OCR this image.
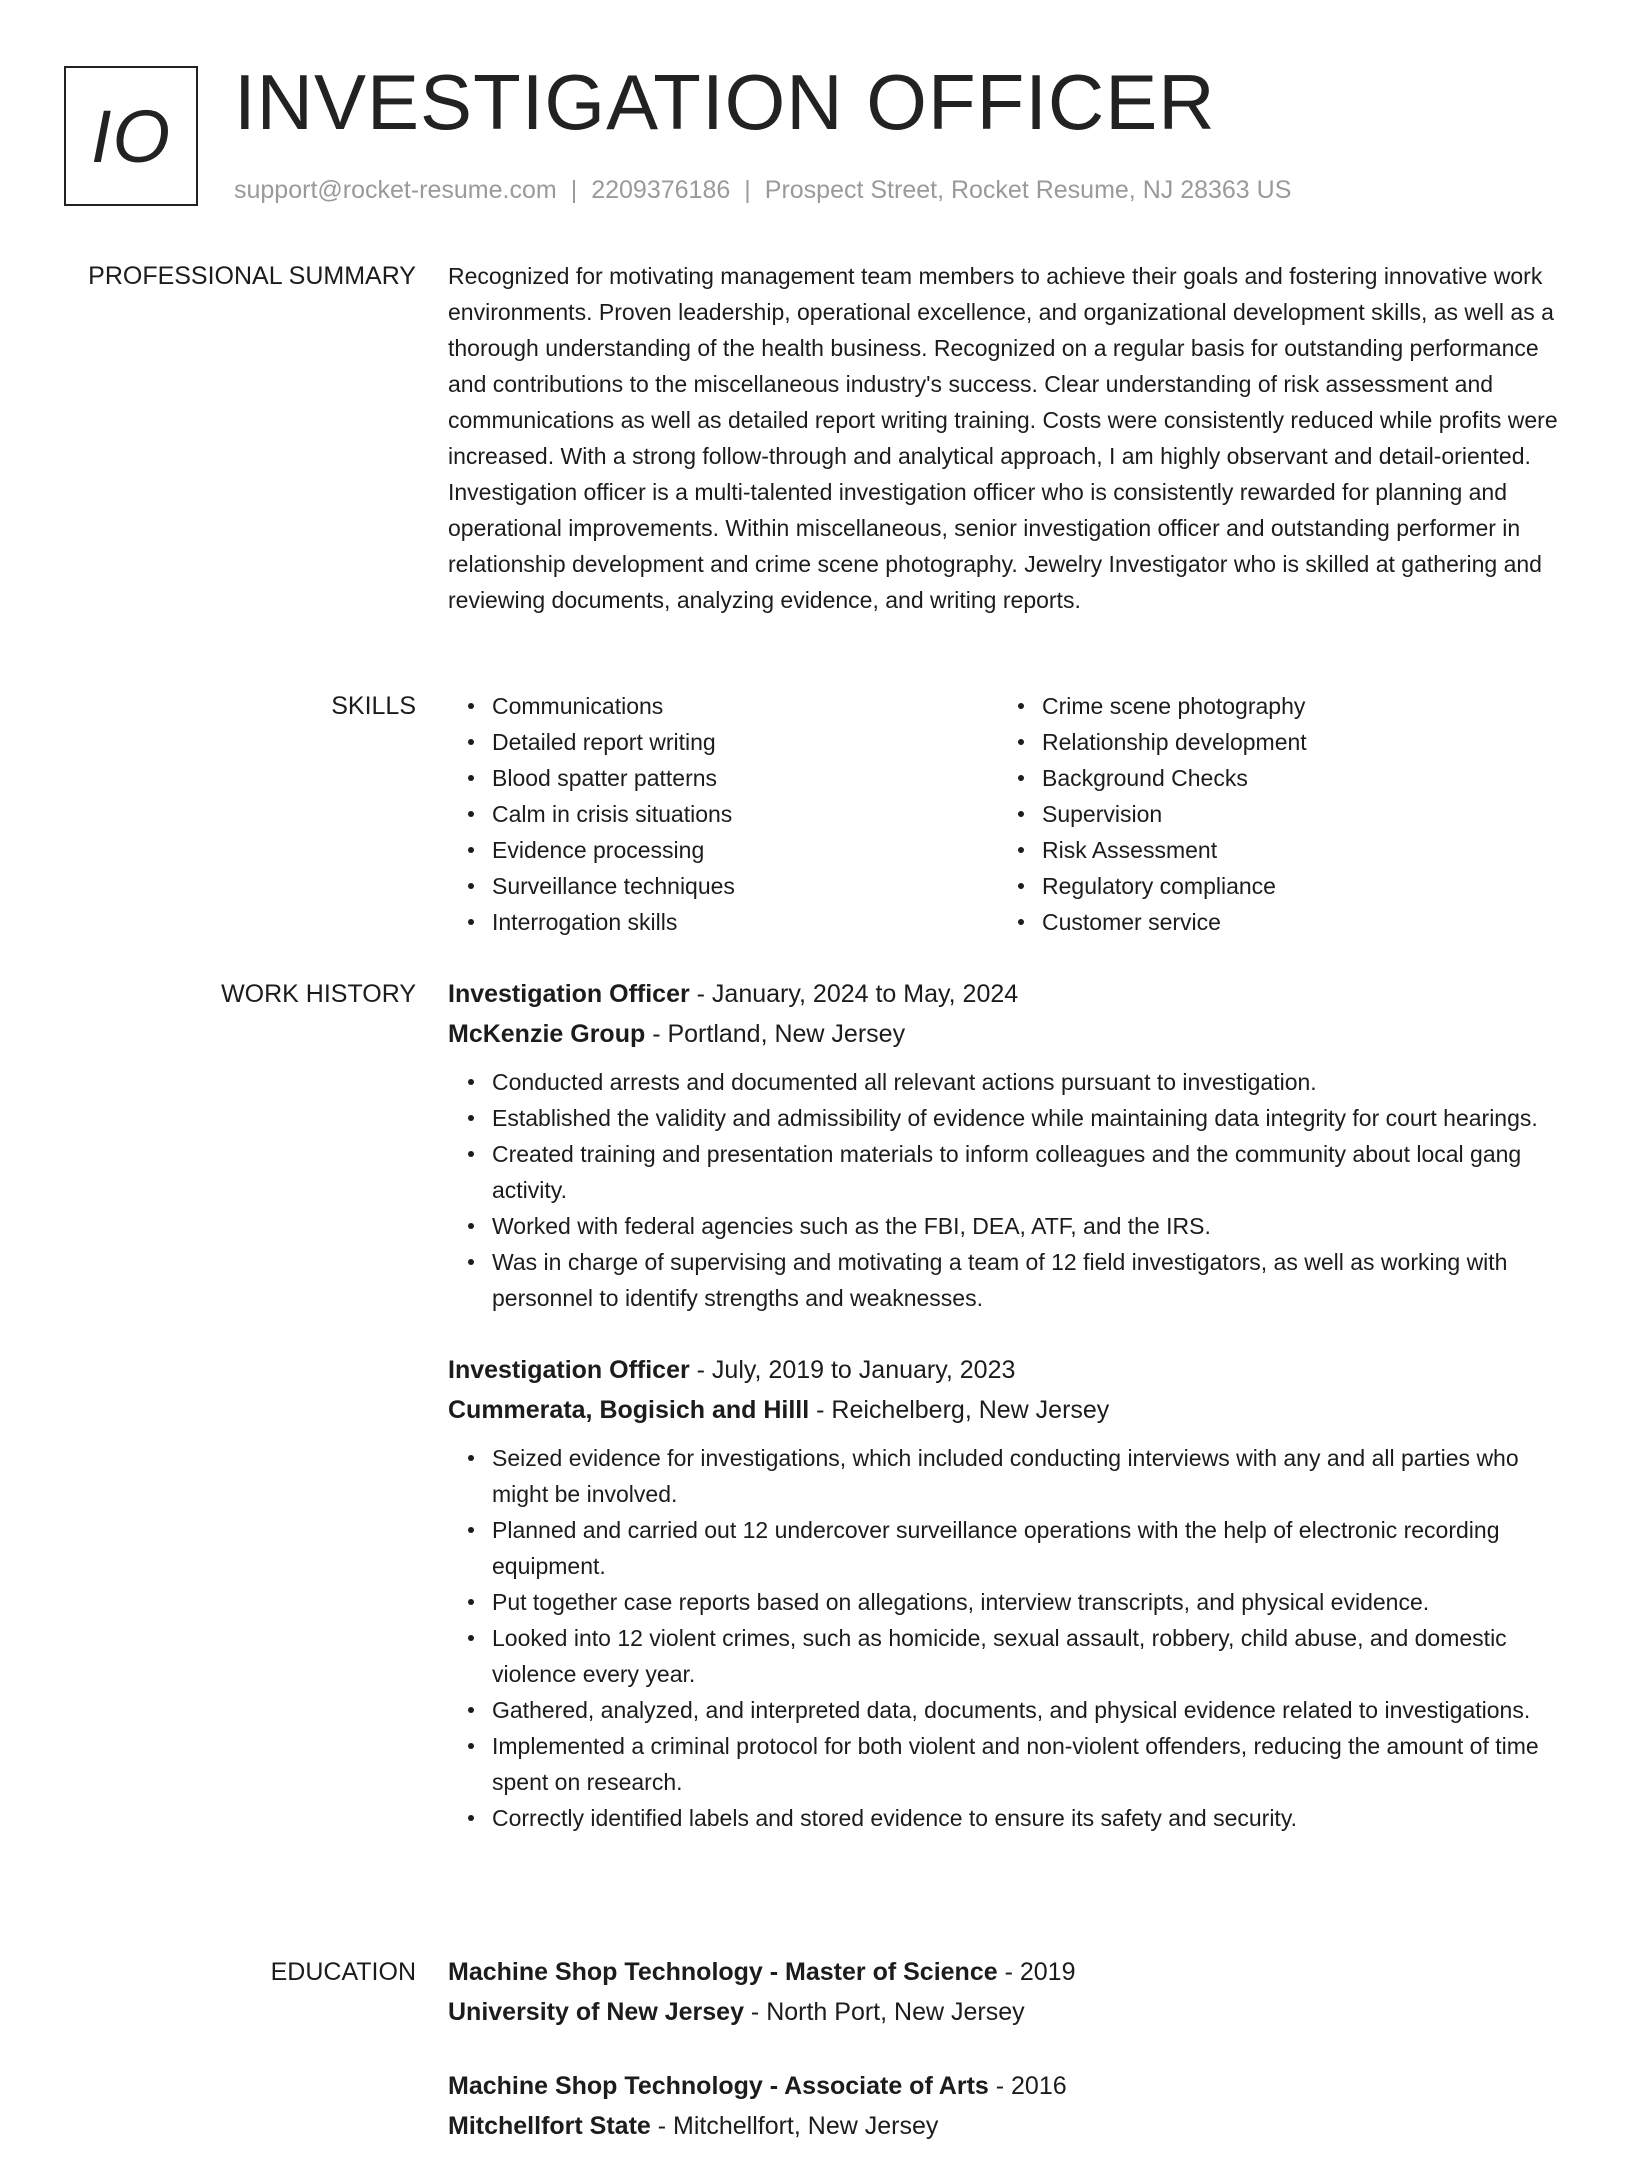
IO INVESTIGATION OFFICER
support@rocket-resume.com | 2209376186 | Prospect Street, Rocket Resume, NJ 28363 US
PROFESSIONAL SUMMARY Recognized for motivating management team members to achieve their goals and fostering innovative work environments. Proven leadership, operational excellence, and organizational development skills, as well as a thorough understanding of the health business. Recognized on a regular basis for outstanding performance and contributions to the miscellaneous industry's success. Clear understanding of risk assessment and communications as well as detailed report writing training. Costs were consistently reduced while profits were increased. With a strong follow-through and analytical approach, I am highly observant and detail-oriented. Investigation officer is a multi-talented investigation officer who is consistently rewarded for planning and operational improvements. Within miscellaneous, senior investigation officer and outstanding performer in relationship development and crime scene photography. Jewelry Investigator who is skilled at gathering and reviewing documents, analyzing evidence, and writing reports.

SKILLS	Communications
Detailed report writing
Blood spatter patterns
Calm in crisis situations
Evidence processing
Surveillance techniques
Interrogation skills
Crime scene photography
Relationship development
Background Checks
Supervision
Risk Assessment
Regulatory compliance
Customer service
WORK HISTORY Investigation Officer - January, 2024 to May, 2024
McKenzie Group - Portland, New Jersey
Conducted arrests and documented all relevant actions pursuant to investigation.
Established the validity and admissibility of evidence while maintaining data integrity for court hearings.
Created training and presentation materials to inform colleagues and the community about local gang activity.
Worked with federal agencies such as the FBI, DEA, ATF, and the IRS.
Was in charge of supervising and motivating a team of 12 field investigators, as well as working with personnel to identify strengths and weaknesses.
Investigation Officer - July, 2019 to January, 2023
Cummerata, Bogisich and Hilll - Reichelberg, New Jersey
Seized evidence for investigations, which included conducting interviews with any and all parties who might be involved.
Planned and carried out 12 undercover surveillance operations with the help of electronic recording equipment.
Put together case reports based on allegations, interview transcripts, and physical evidence.
Looked into 12 violent crimes, such as homicide, sexual assault, robbery, child abuse, and domestic violence every year.
Gathered, analyzed, and interpreted data, documents, and physical evidence related to investigations.
Implemented a criminal protocol for both violent and non-violent offenders, reducing the amount of time spent on research.
Correctly identified labels and stored evidence to ensure its safety and security.
EDUCATION Machine Shop Technology - Master of Science - 2019
University of New Jersey - North Port, New Jersey
Machine Shop Technology - Associate of Arts - 2016
Mitchellfort State - Mitchellfort, New Jersey
